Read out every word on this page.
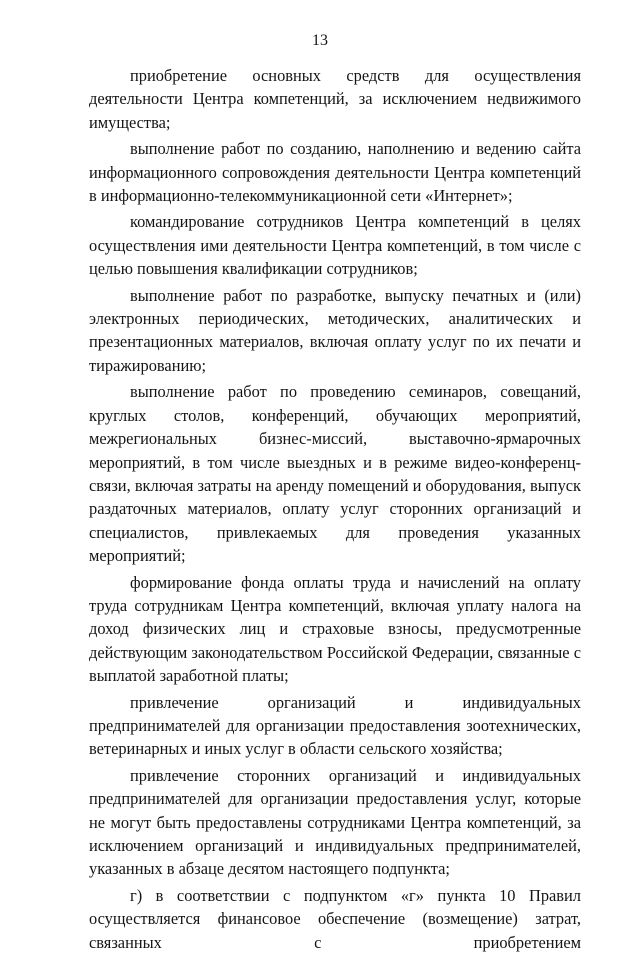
13

приобретение основных средств для осуществления деятельности Центра компетенций, за исключением недвижимого имущества;

выполнение работ по созданию, наполнению и ведению сайта информационного сопровождения деятельности Центра компетенций в информационно-телекоммуникационной сети «Интернет»;

командирование сотрудников Центра компетенций в целях осуществления ими деятельности Центра компетенций, в том числе с целью повышения квалификации сотрудников;

выполнение работ по разработке, выпуску печатных и (или) электронных периодических, методических, аналитических и презентационных материалов, включая оплату услуг по их печати и тиражированию;

выполнение работ по проведению семинаров, совещаний, круглых столов, конференций, обучающих мероприятий, межрегиональных бизнес-миссий, выставочно-ярмарочных мероприятий, в том числе выездных и в режиме видео-конференц-связи, включая затраты на аренду помещений и оборудования, выпуск раздаточных материалов, оплату услуг сторонних организаций и специалистов, привлекаемых для проведения указанных мероприятий;

формирование фонда оплаты труда и начислений на оплату труда сотрудникам Центра компетенций, включая уплату налога на доход физических лиц и страховые взносы, предусмотренные действующим законодательством Российской Федерации, связанные с выплатой заработной платы;

привлечение организаций и индивидуальных предпринимателей для организации предоставления зоотехнических, ветеринарных и иных услуг в области сельского хозяйства;

привлечение сторонних организаций и индивидуальных предпринимателей для организации предоставления услуг, которые не могут быть предоставлены сотрудниками Центра компетенций, за исключением организаций и индивидуальных предпринимателей, указанных в абзаце десятом настоящего подпункта;

г) в соответствии с подпунктом «г» пункта 10 Правил осуществляется финансовое обеспечение (возмещение) затрат, связанных с приобретением
